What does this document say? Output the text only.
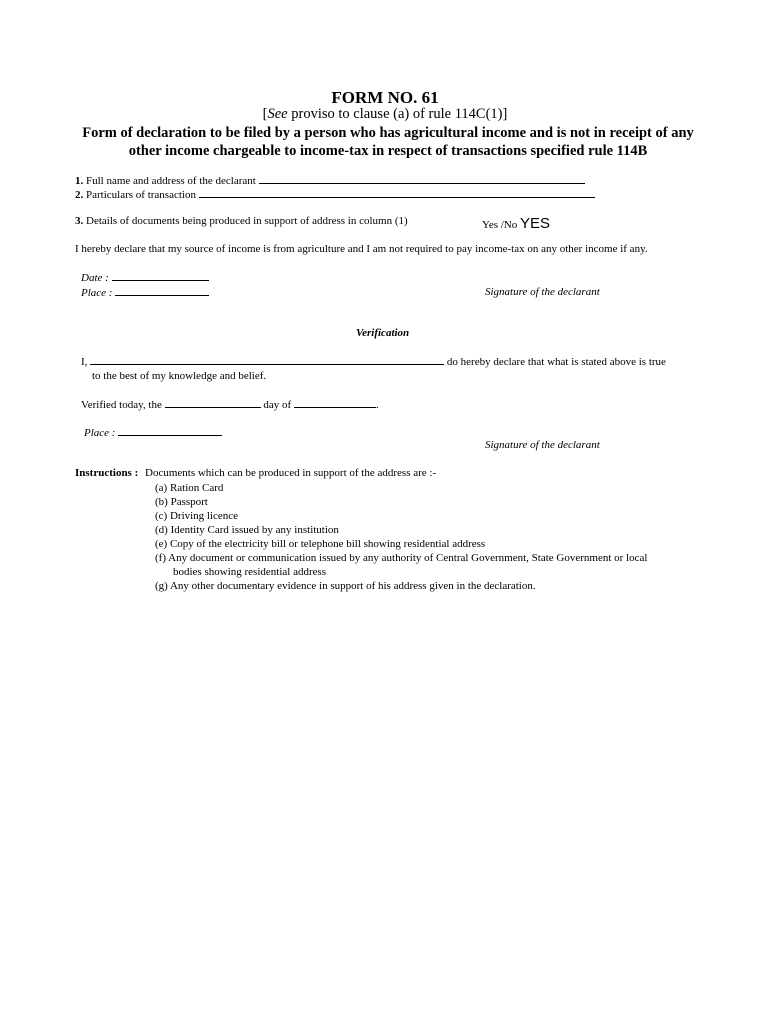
FORM NO. 61
[See proviso to clause (a) of rule 114C(1)]
Form of declaration to be filed by a person who has agricultural income and is not in receipt of any other income chargeable to income-tax in respect of transactions specified rule 114B
1. Full name and address of the declarant
2. Particulars of transaction
3. Details of documents being produced in support of address in column (1)	Yes /No YES
I hereby declare that my source of income is from agriculture and I am not required to pay income-tax on any other income if any.
Date :
Place :	Signature of the declarant
Verification
I,	do hereby declare that what is stated above is true
to the best of my knowledge and belief.
Verified today, the	day of	.
Place :
Signature of the declarant
Instructions : Documents which can be produced in support of the address are :-
(a) Ration Card
(b) Passport
(c) Driving licence
(d) Identity Card issued by any institution
(e) Copy of the electricity bill or telephone bill showing residential address
(f) Any document or communication issued by any authority of Central Government, State Government or local
bodies showing residential address
(g) Any other documentary evidence in support of his address given in the declaration.
